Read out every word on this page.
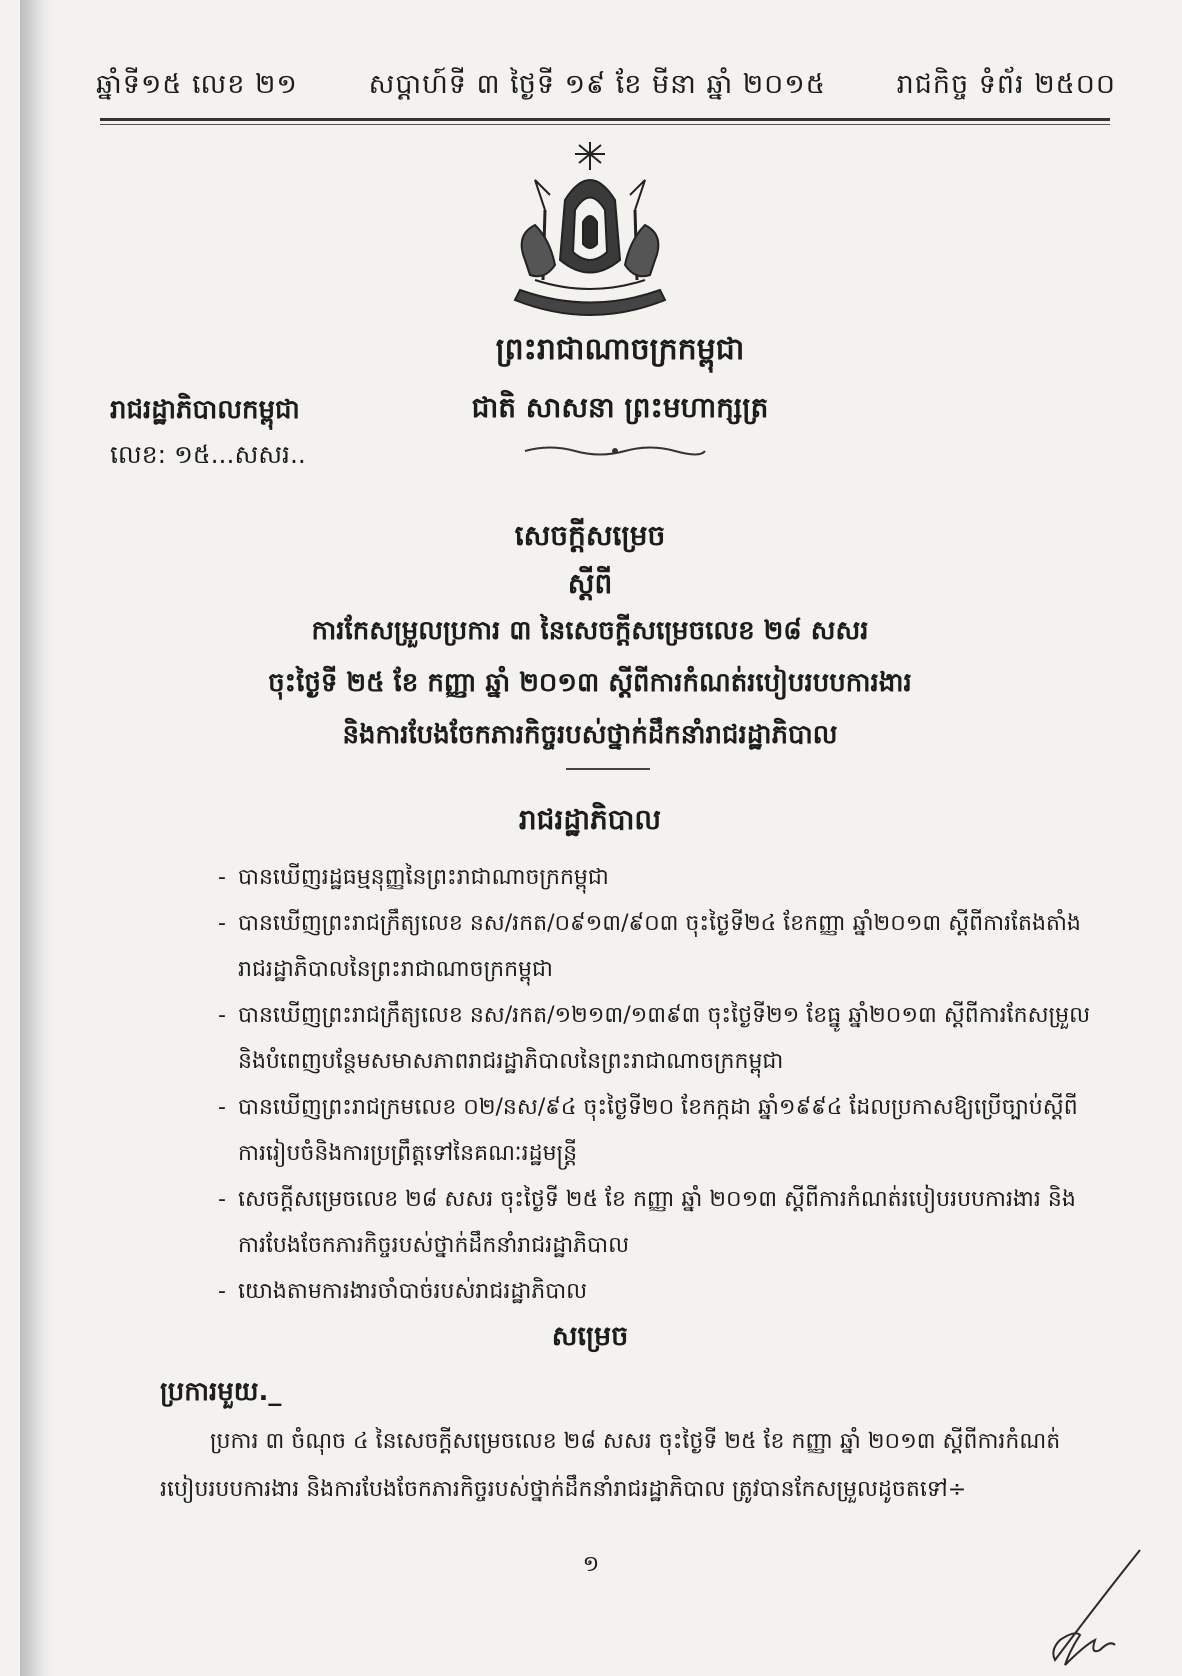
ឆ្នាំទី១៥ លេខ ២១	សប្តាហ៍ទី ៣ ថ្ងៃទី ១៩ ខែ មីនា ឆ្នាំ ២០១៥	រាជកិច្ច ទំព័រ ២៥០០
ព្រះរាជាណាចក្រកម្ពុជា
ជាតិ សាសនា ព្រះមហាក្សត្រ
រាជរដ្ឋាភិបាលកម្ពុជា
លេខ: ១៥...សសរ..
សេចក្តីសម្រេច
ស្តីពី
ការកែសម្រួលប្រការ ៣ នៃសេចក្តីសម្រេចលេខ ២៨ សសរ
ចុះថ្ងៃទី ២៥ ខែ កញ្ញា ឆ្នាំ ២០១៣ ស្តីពីការកំណត់របៀបរបបការងារ
និងការបែងចែកភារកិច្ចរបស់ថ្នាក់ដឹកនាំរាជរដ្ឋាភិបាល
រាជរដ្ឋាភិបាល
- បានឃើញរដ្ឋធម្មនុញ្ញនៃព្រះរាជាណាចក្រកម្ពុជា
- បានឃើញព្រះរាជក្រឹត្យលេខ នស/រកត/០៩១៣/៩០៣ ចុះថ្ងៃទី២៤ ខែកញ្ញា ឆ្នាំ២០១៣ ស្តីពីការតែងតាំងរាជរដ្ឋាភិបាលនៃព្រះរាជាណាចក្រកម្ពុជា
- បានឃើញព្រះរាជក្រឹត្យលេខ នស/រកត/១២១៣/១៣៩៣ ចុះថ្ងៃទី២១ ខែធ្នូ ឆ្នាំ២០១៣ ស្តីពីការកែសម្រួល និងបំពេញបន្ថែមសមាសភាពរាជរដ្ឋាភិបាលនៃព្រះរាជាណាចក្រកម្ពុជា
- បានឃើញព្រះរាជក្រមលេខ ០២/នស/៩៤ ចុះថ្ងៃទី២០ ខែកក្កដា ឆ្នាំ១៩៩៤ ដែលប្រកាសឱ្យប្រើច្បាប់ស្តីពីការរៀបចំនិងការប្រព្រឹត្តទៅនៃគណៈរដ្ឋមន្ត្រី
- សេចក្តីសម្រេចលេខ ២៨ សសរ ចុះថ្ងៃទី ២៥ ខែ កញ្ញា ឆ្នាំ ២០១៣ ស្តីពីការកំណត់របៀបរបបការងារ និងការបែងចែកភារកិច្ចរបស់ថ្នាក់ដឹកនាំរាជរដ្ឋាភិបាល
- យោងតាមការងារចាំបាច់របស់រាជរដ្ឋាភិបាល
សម្រេច
ប្រការមួយ._
ប្រការ ៣ ចំណុច ៤ នៃសេចក្តីសម្រេចលេខ ២៨ សសរ ចុះថ្ងៃទី ២៥ ខែ កញ្ញា ឆ្នាំ ២០១៣ ស្តីពីការកំណត់របៀបរបបការងារ និងការបែងចែកភារកិច្ចរបស់ថ្នាក់ដឹកនាំរាជរដ្ឋាភិបាល ត្រូវបានកែសម្រួលដូចតទៅ÷
១
